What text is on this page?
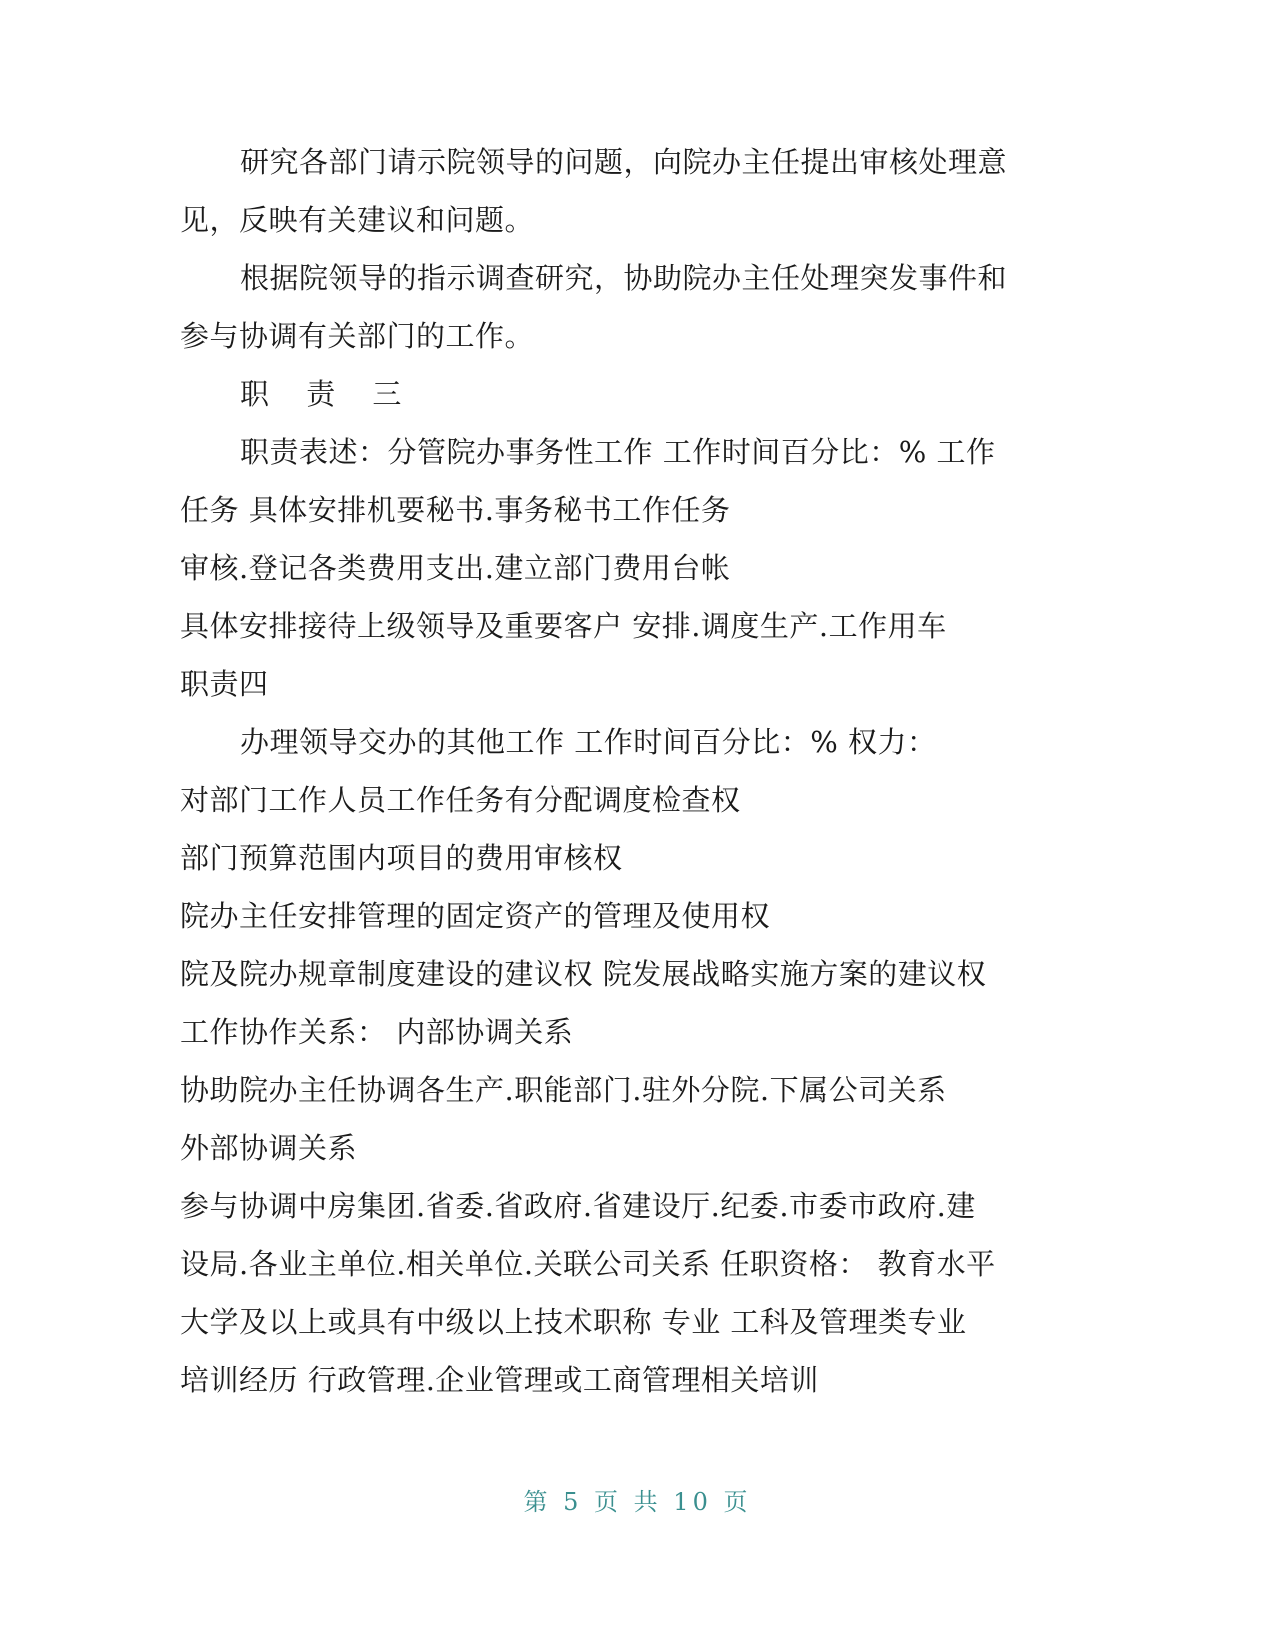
研究各部门请示院领导的问题，向院办主任提出审核处理意
见，反映有关建议和问题。
根据院领导的指示调查研究，协助院办主任处理突发事件和
参与协调有关部门的工作。
职 责 三
职责表述：分管院办事务性工作 工作时间百分比：% 工作
任务 具体安排机要秘书.事务秘书工作任务
审核.登记各类费用支出.建立部门费用台帐
具体安排接待上级领导及重要客户 安排.调度生产.工作用车
职责四
办理领导交办的其他工作 工作时间百分比：% 权力：
对部门工作人员工作任务有分配调度检查权
部门预算范围内项目的费用审核权
院办主任安排管理的固定资产的管理及使用权
院及院办规章制度建设的建议权 院发展战略实施方案的建议权
工作协作关系： 内部协调关系
协助院办主任协调各生产.职能部门.驻外分院.下属公司关系
外部协调关系
参与协调中房集团.省委.省政府.省建设厅.纪委.市委市政府.建
设局.各业主单位.相关单位.关联公司关系 任职资格： 教育水平
大学及以上或具有中级以上技术职称 专业 工科及管理类专业
培训经历 行政管理.企业管理或工商管理相关培训
第 5 页 共 10 页
